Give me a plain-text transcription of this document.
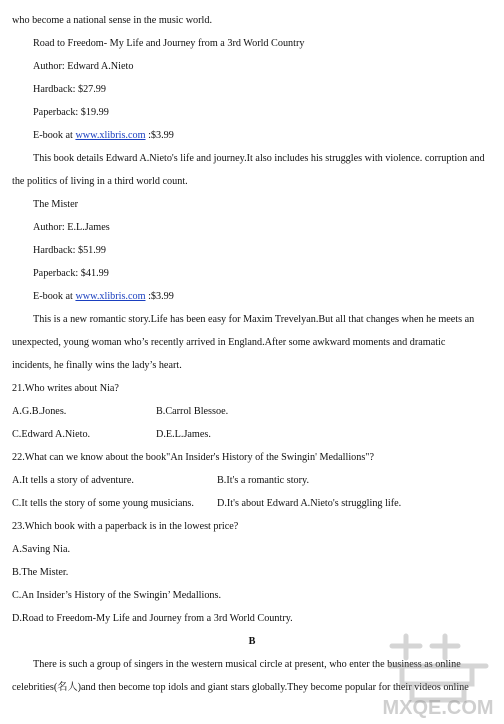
who become a national sense in the music world.
Road to Freedom- My Life and Journey from a 3rd World Country
Author: Edward A.Nieto
Hardback: $27.99
Paperback: $19.99
E-book at www.xlibris.com :$3.99
This book details Edward A.Nieto's life and journey.It also includes his struggles with violence. corruption and
the politics of living in a third world count.
The Mister
Author: E.L.James
Hardback: $51.99
Paperback: $41.99
E-book at www.xlibris.com :$3.99
This is a new romantic story.Life has been easy for Maxim Trevelyan.But all that changes when he meets an
unexpected, young woman who’s recently arrived in England.After some awkward moments and dramatic
incidents, he finally wins the lady’s heart.
21.Who writes about Nia?
A.G.B.Jones.	B.Carrol Blessoe.
C.Edward A.Nieto.	D.E.L.James.
22.What can we know about the book"An Insider's History of the Swingin' Medallions"?
A.It tells a story of adventure.	B.It's a romantic story.
C.It tells the story of some young musicians. D.It's about Edward A.Nieto's struggling life.
23.Which book with a paperback is in the lowest price?
A.Saving Nia.
B.The Mister.
C.An Insider’s History of the Swingin’ Medallions.
D.Road to Freedom-My Life and Journey from a 3rd World Country.
B
There is such a group of singers in the western musical circle at present, who enter the business as online
celebrities(名人)and then become top idols and giant stars globally.They become popular for their videos online
MXQE.COM
